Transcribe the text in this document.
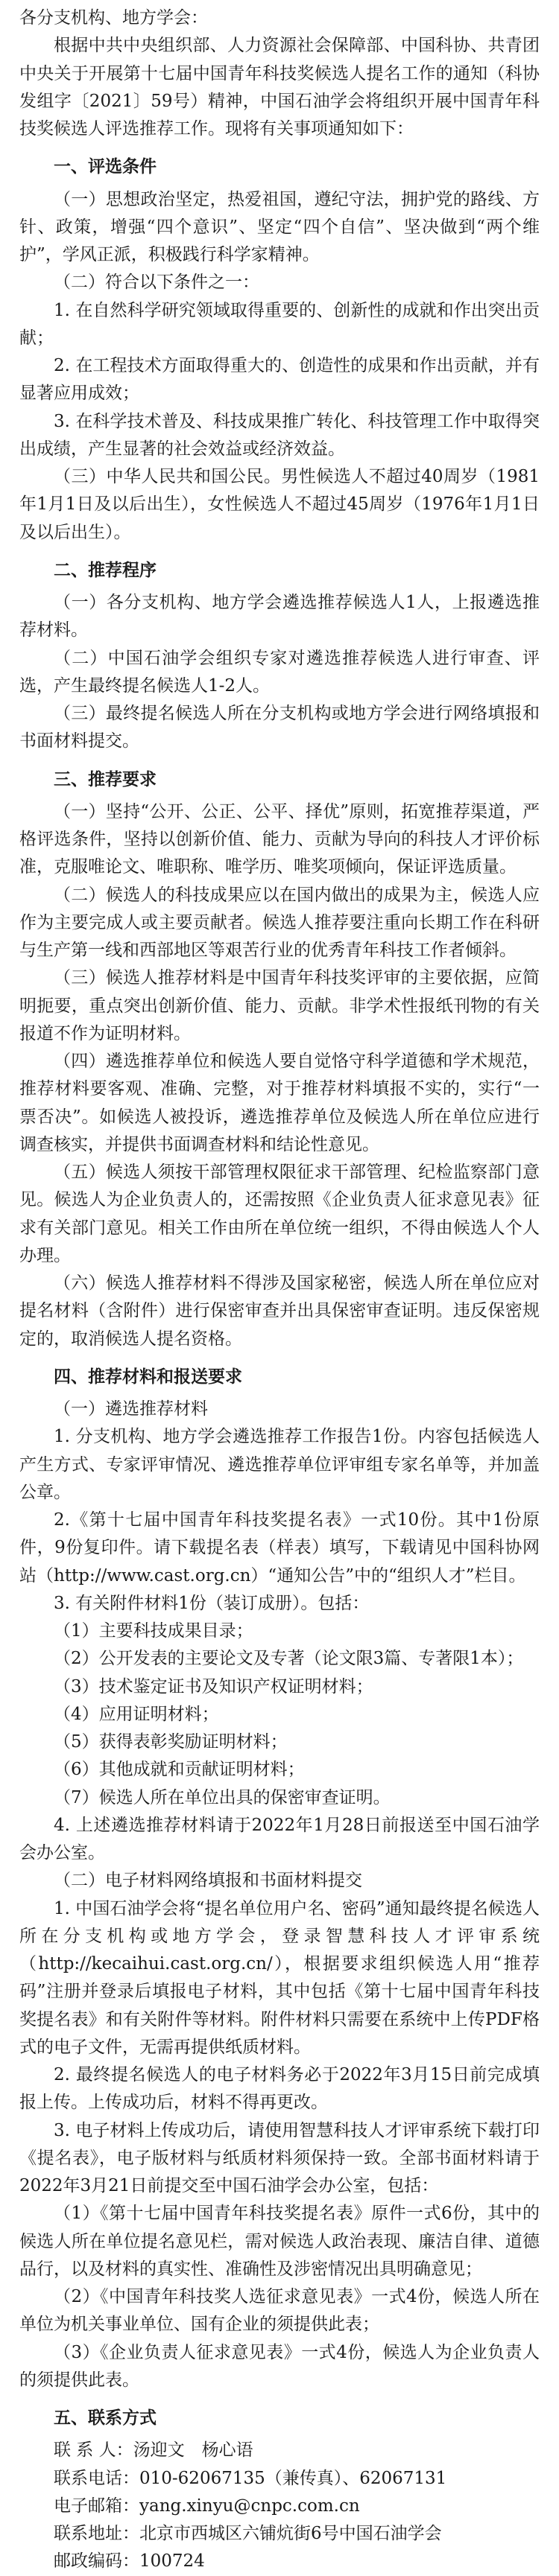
各分支机构、地方学会：

根据中共中央组织部、人力资源社会保障部、中国科协、共青团中央关于开展第十七届中国青年科技奖候选人提名工作的通知（科协发组字〔2021〕59号）精神，中国石油学会将组织开展中国青年科技奖候选人评选推荐工作。现将有关事项通知如下：

一、评选条件

（一）思想政治坚定，热爱祖国，遵纪守法，拥护党的路线、方针、政策，增强“四个意识”、坚定“四个自信”、坚决做到“两个维护”，学风正派，积极践行科学家精神。

（二）符合以下条件之一：

1. 在自然科学研究领域取得重要的、创新性的成就和作出突出贡献；

2. 在工程技术方面取得重大的、创造性的成果和作出贡献，并有显著应用成效；

3. 在科学技术普及、科技成果推广转化、科技管理工作中取得突出成绩，产生显著的社会效益或经济效益。

（三）中华人民共和国公民。男性候选人不超过40周岁（1981年1月1日及以后出生），女性候选人不超过45周岁（1976年1月1日及以后出生）。

二、推荐程序

（一）各分支机构、地方学会遴选推荐候选人1人，上报遴选推荐材料。

（二）中国石油学会组织专家对遴选推荐候选人进行审查、评选，产生最终提名候选人1-2人。

（三）最终提名候选人所在分支机构或地方学会进行网络填报和书面材料提交。

三、推荐要求

（一）坚持“公开、公正、公平、择优”原则，拓宽推荐渠道，严格评选条件，坚持以创新价值、能力、贡献为导向的科技人才评价标准，克服唯论文、唯职称、唯学历、唯奖项倾向，保证评选质量。

（二）候选人的科技成果应以在国内做出的成果为主，候选人应作为主要完成人或主要贡献者。候选人推荐要注重向长期工作在科研与生产第一线和西部地区等艰苦行业的优秀青年科技工作者倾斜。

（三）候选人推荐材料是中国青年科技奖评审的主要依据，应简明扼要，重点突出创新价值、能力、贡献。非学术性报纸刊物的有关报道不作为证明材料。

（四）遴选推荐单位和候选人要自觉恪守科学道德和学术规范，推荐材料要客观、准确、完整，对于推荐材料填报不实的，实行“一票否决”。如候选人被投诉，遴选推荐单位及候选人所在单位应进行调查核实，并提供书面调查材料和结论性意见。

（五）候选人须按干部管理权限征求干部管理、纪检监察部门意见。候选人为企业负责人的，还需按照《企业负责人征求意见表》征求有关部门意见。相关工作由所在单位统一组织，不得由候选人个人办理。

（六）候选人推荐材料不得涉及国家秘密，候选人所在单位应对提名材料（含附件）进行保密审查并出具保密审查证明。违反保密规定的，取消候选人提名资格。

四、推荐材料和报送要求

（一）遴选推荐材料

1. 分支机构、地方学会遴选推荐工作报告1份。内容包括候选人产生方式、专家评审情况、遴选推荐单位评审组专家名单等，并加盖公章。

2.《第十七届中国青年科技奖提名表》一式10份。其中1份原件，9份复印件。请下载提名表（样表）填写，下载请见中国科协网站（http://www.cast.org.cn）“通知公告”中的“组织人才”栏目。

3. 有关附件材料1份（装订成册）。包括：

（1）主要科技成果目录；

（2）公开发表的主要论文及专著（论文限3篇、专著限1本）；

（3）技术鉴定证书及知识产权证明材料；

（4）应用证明材料；

（5）获得表彰奖励证明材料；

（6）其他成就和贡献证明材料；

（7）候选人所在单位出具的保密审查证明。

4. 上述遴选推荐材料请于2022年1月28日前报送至中国石油学会办公室。

（二）电子材料网络填报和书面材料提交

1. 中国石油学会将“提名单位用户名、密码”通知最终提名候选人所在分支机构或地方学会，登录智慧科技人才评审系统（http://kecaihui.cast.org.cn/），根据要求组织候选人用“推荐码”注册并登录后填报电子材料，其中包括《第十七届中国青年科技奖提名表》和有关附件等材料。附件材料只需要在系统中上传PDF格式的电子文件，无需再提供纸质材料。

2. 最终提名候选人的电子材料务必于2022年3月15日前完成填报上传。上传成功后，材料不得再更改。

3. 电子材料上传成功后，请使用智慧科技人才评审系统下载打印《提名表》，电子版材料与纸质材料须保持一致。全部书面材料请于2022年3月21日前提交至中国石油学会办公室，包括：

（1）《第十七届中国青年科技奖提名表》原件一式6份，其中的候选人所在单位提名意见栏，需对候选人政治表现、廉洁自律、道德品行，以及材料的真实性、准确性及涉密情况出具明确意见；

（2）《中国青年科技奖人选征求意见表》一式4份，候选人所在单位为机关事业单位、国有企业的须提供此表；

（3）《企业负责人征求意见表》一式4份，候选人为企业负责人的须提供此表。

五、联系方式

联 系 人：汤迎文　杨心语

联系电话：010-62067135（兼传真）、62067131

电子邮箱：yang.xinyu@cnpc.com.cn

联系地址：北京市西城区六铺炕街6号中国石油学会

邮政编码：100724
